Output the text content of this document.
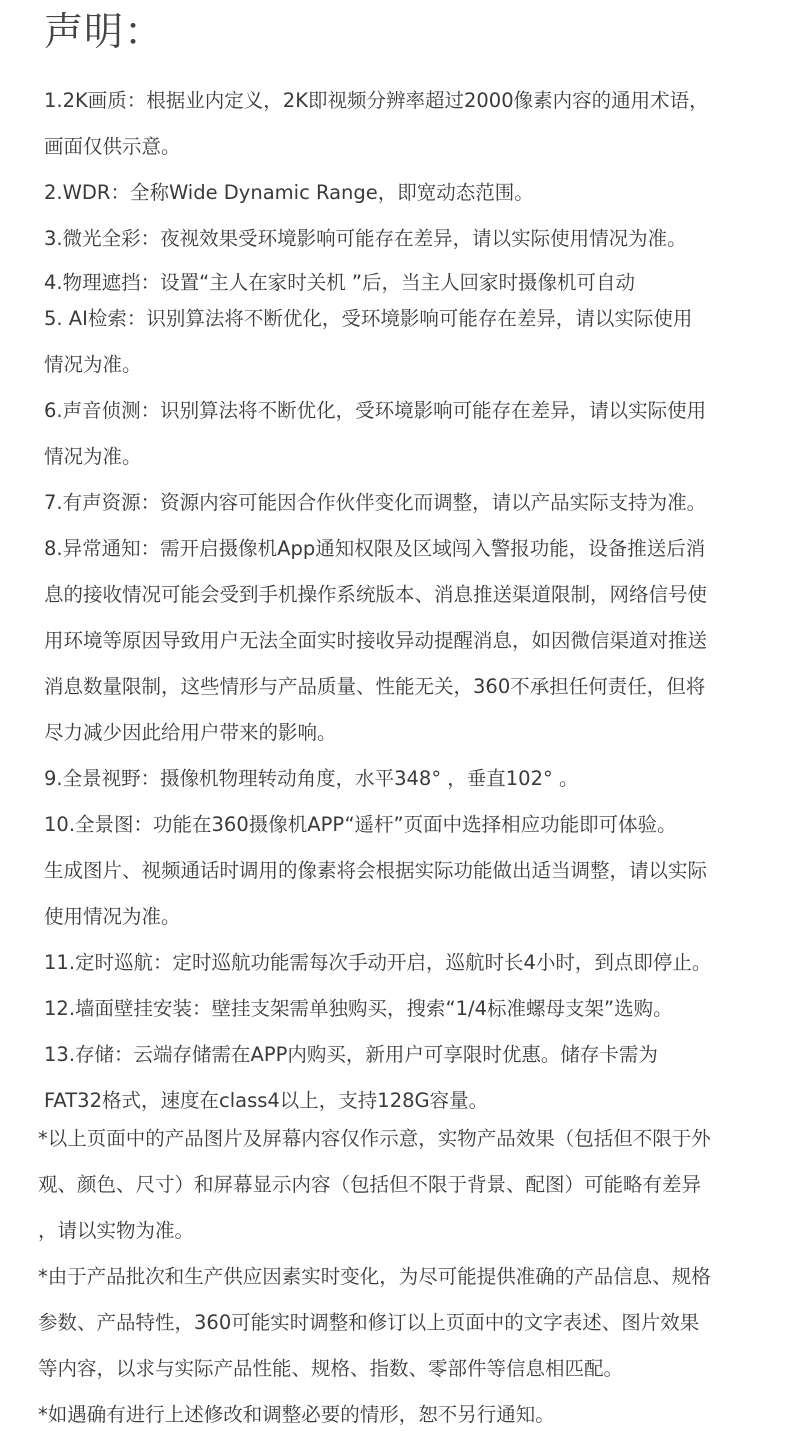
声明：
1.2K画质：根据业内定义，2K即视频分辨率超过2000像素内容的通用术语，
画面仅供示意。
2.WDR：全称Wide Dynamic Range，即宽动态范围。
3.微光全彩：夜视效果受环境影响可能存在差异，请以实际使用情况为准。
4.物理遮挡：设置“主人在家时关机 ”后，当主人回家时摄像机可自动
5. AI检索：识别算法将不断优化，受环境影响可能存在差异，请以实际使用
情况为准。
6.声音侦测：识别算法将不断优化，受环境影响可能存在差异，请以实际使用
情况为准。
7.有声资源：资源内容可能因合作伙伴变化而调整，请以产品实际支持为准。
8.异常通知：需开启摄像机App通知权限及区域闯入警报功能，设备推送后消
息的接收情况可能会受到手机操作系统版本、消息推送渠道限制，网络信号使
用环境等原因导致用户无法全面实时接收异动提醒消息，如因微信渠道对推送
消息数量限制，这些情形与产品质量、性能无关，360不承担任何责任，但将
尽力减少因此给用户带来的影响。
9.全景视野：摄像机物理转动角度，水平348° ，垂直102° 。
10.全景图：功能在360摄像机APP“遥杆”页面中选择相应功能即可体验。
生成图片、视频通话时调用的像素将会根据实际功能做出适当调整，请以实际
使用情况为准。
11.定时巡航：定时巡航功能需每次手动开启，巡航时长4小时，到点即停止。
12.墙面壁挂安装：壁挂支架需单独购买，搜索“1/4标准螺母支架”选购。
13.存储：云端存储需在APP内购买，新用户可享限时优惠。储存卡需为
FAT32格式，速度在class4以上，支持128G容量。
*以上页面中的产品图片及屏幕内容仅作示意，实物产品效果（包括但不限于外
观、颜色、尺寸）和屏幕显示内容（包括但不限于背景、配图）可能略有差异
，请以实物为准。
*由于产品批次和生产供应因素实时变化，为尽可能提供准确的产品信息、规格
参数、产品特性，360可能实时调整和修订以上页面中的文字表述、图片效果
等内容，以求与实际产品性能、规格、指数、零部件等信息相匹配。
*如遇确有进行上述修改和调整必要的情形，恕不另行通知。
